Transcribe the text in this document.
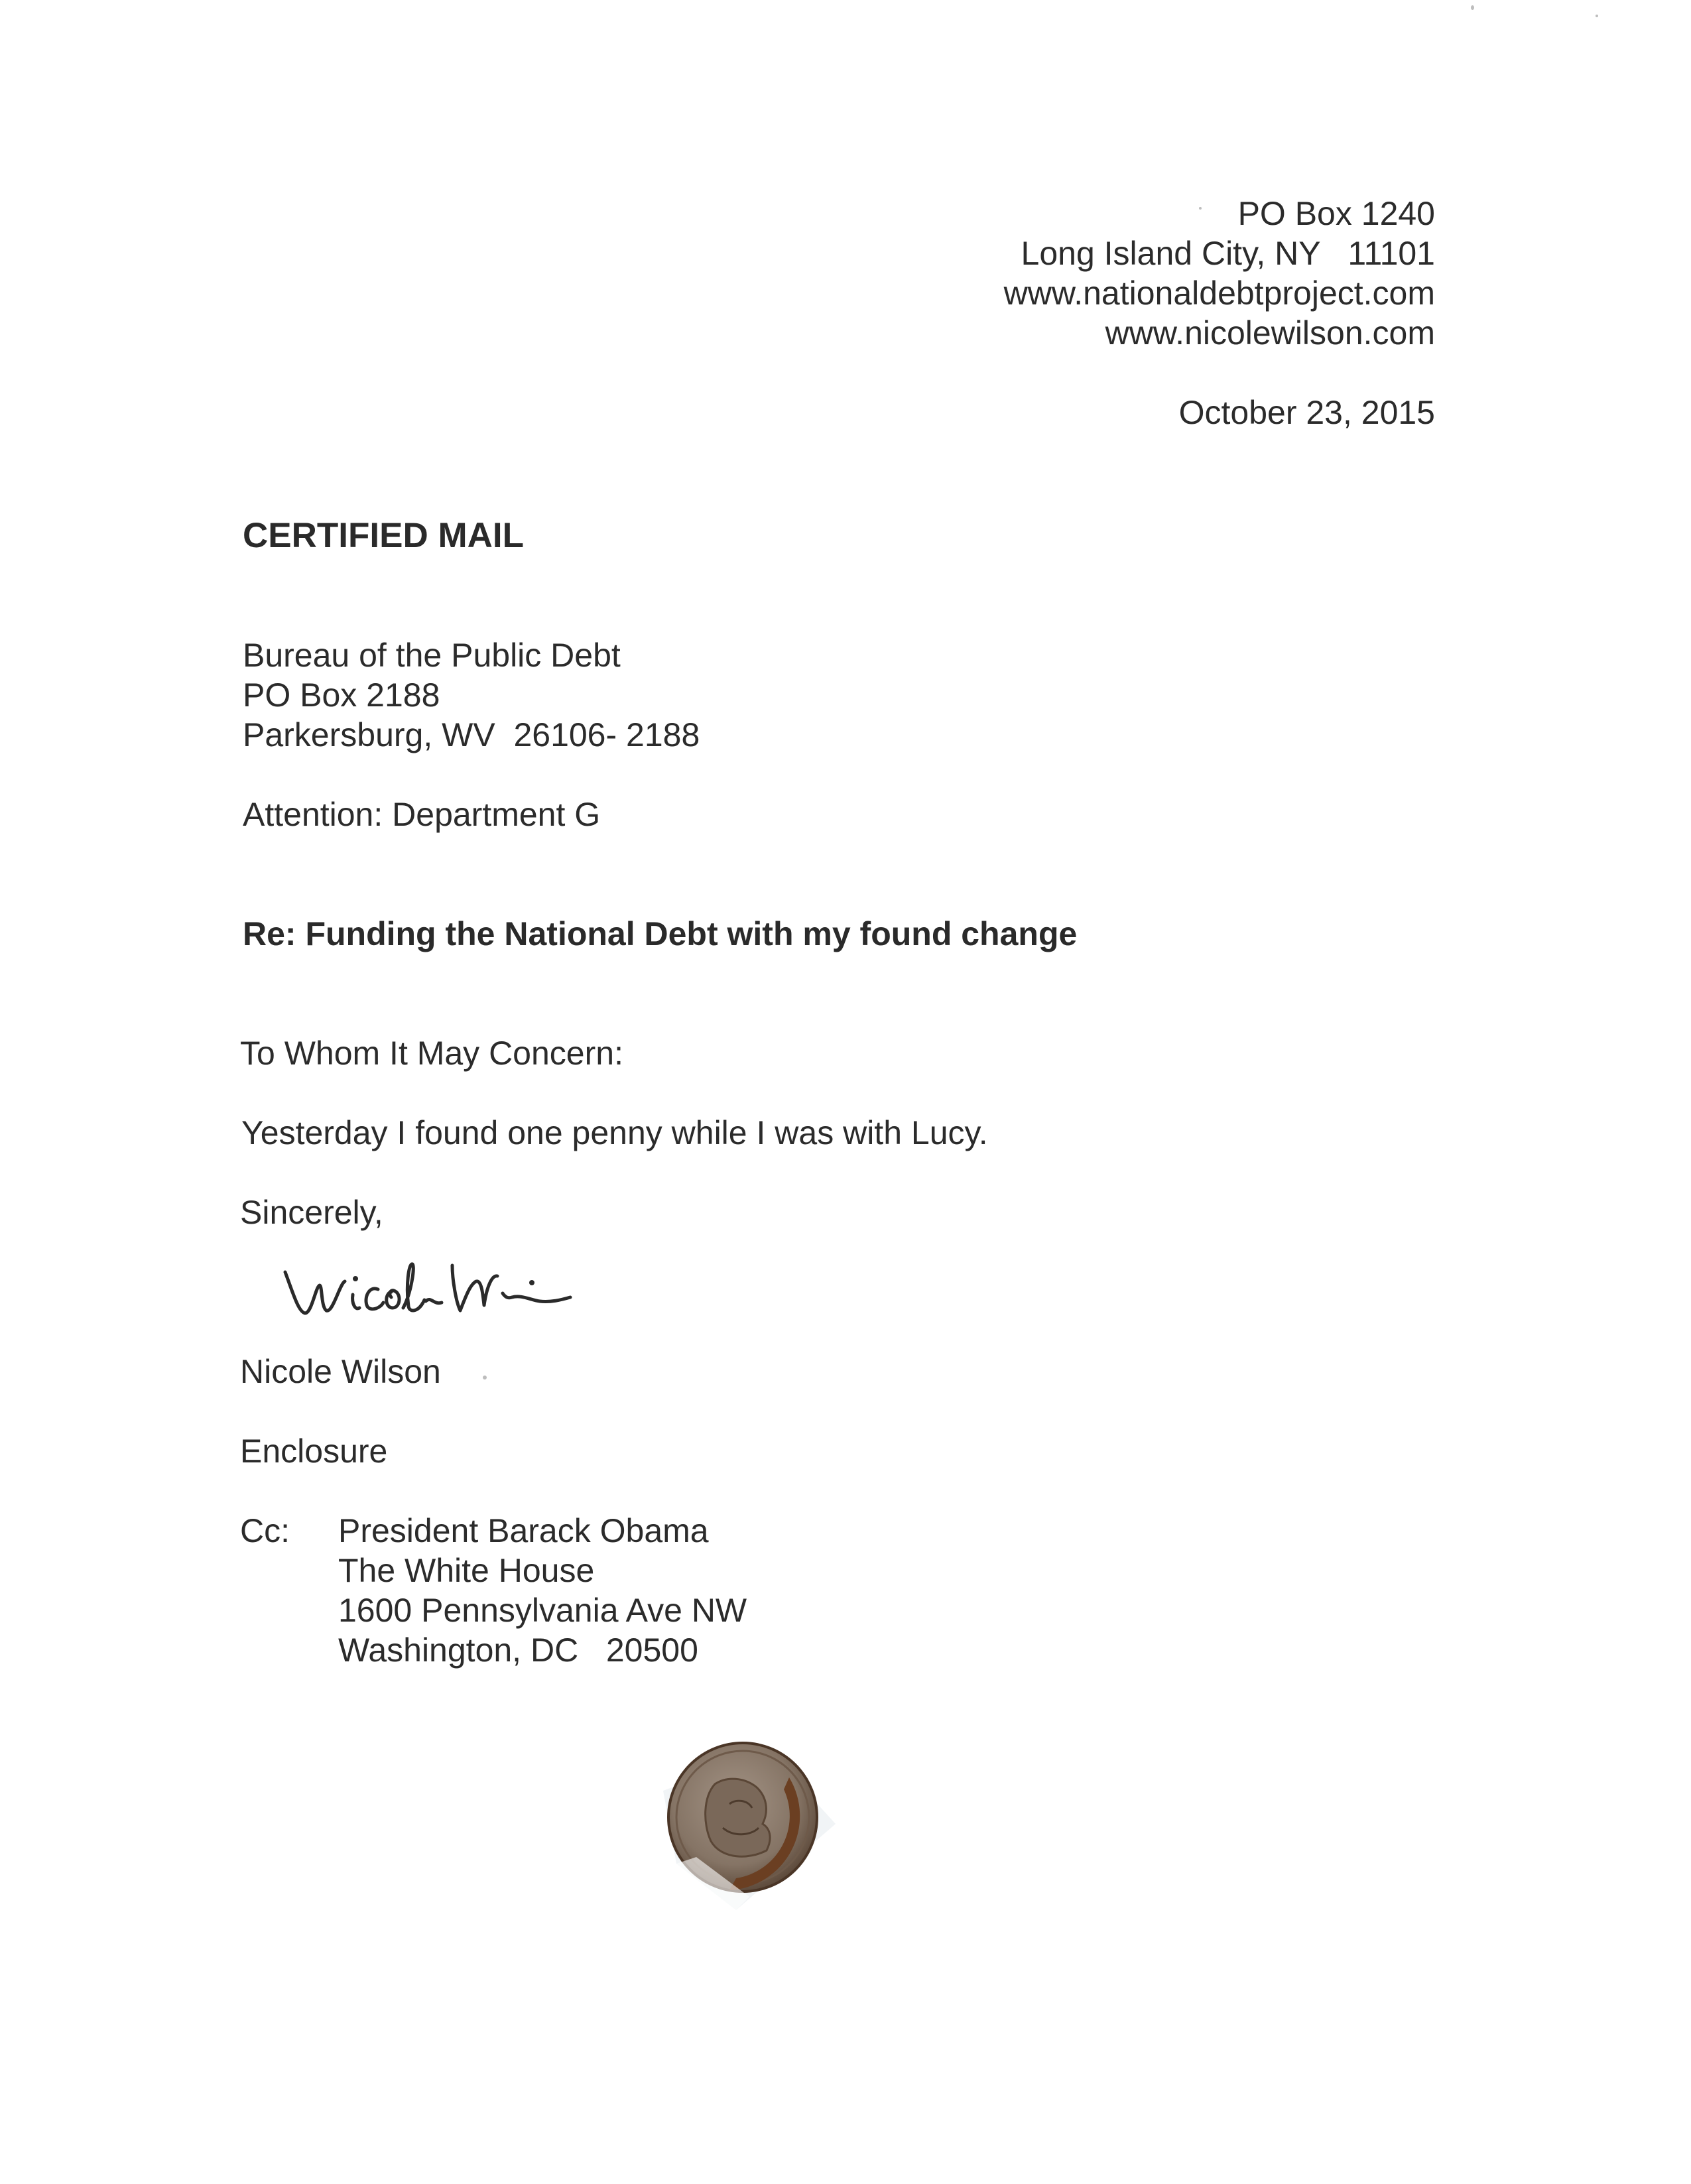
PO Box 1240
Long Island City, NY   11101
www.nationaldebtproject.com
www.nicolewilson.com
October 23, 2015
CERTIFIED MAIL
Bureau of the Public Debt
PO Box 2188
Parkersburg, WV  26106- 2188
Attention: Department G
Re: Funding the National Debt with my found change
To Whom It May Concern:
Yesterday I found one penny while I was with Lucy.
Sincerely,
Nicole Wilson
Enclosure
Cc: President Barack Obama
The White House
1600 Pennsylvania Ave NW
Washington, DC   20500
